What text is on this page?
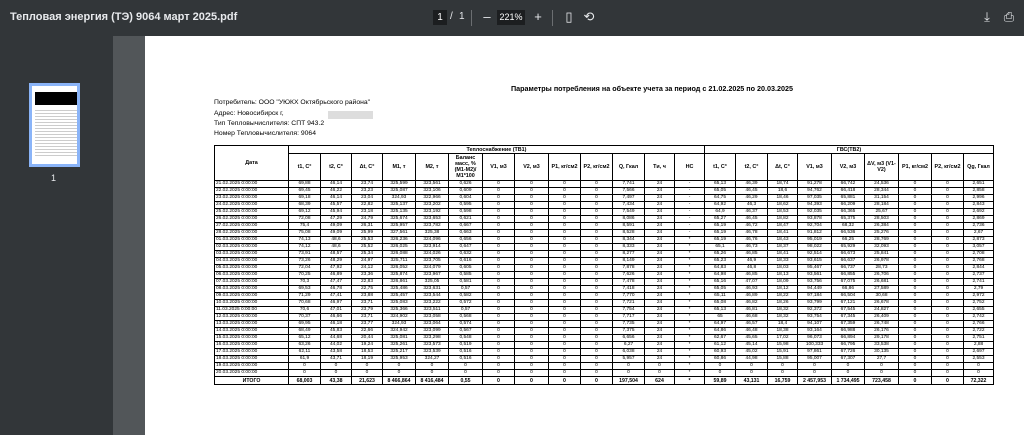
Тепловая энергия (ТЭ) 9064 март 2025.pdf	1 / 1	– 221% +	▯ ⟲	⤓	⎙
1
Параметры потребления на объекте учета за период с 21.02.2025 по 20.03.2025
Потребитель: ООО "УЮКХ Октябрьского района"
Адрес: Новосибирск г,
Тип Тепловычислителя: СПТ 943.2
Номер Тепловычислителя: 9064
Дата	Теплоснабжение (ТВ1)													ГВС(ТВ2)								
	t1, C°	t2, C°	Δt, C°	M1, т	M2, т	Баланс масс, % (M1-M2)/ M1*100	V1, м3	V2, м3	P1, кг/см2	P2, кг/см2	Q, Гкал	Tи, ч	НС	t1, C°	t2, C°	Δt, C°	V1, м3	V2, м3	ΔV, м3 (V1-V2)	P1, кг/см2	P2, кг/см2	Qg, Гкал
21.02.2025 0:00:00	69,88	46,14	23,74	325,599	323,561	0,626	0	0	0	0	7,741	24	-	65,13	46,39	18,74	91,278	66,742	24,536	0	0	2,651
22.02.2025 0:00:00	69,45	46,22	23,23	325,087	323,106	0,609	0	0	0	0	7,566	24	-	65,05	46,45	18,6	94,762	66,418	28,344	0	0	2,858
23.02.2025 0:00:00	69,18	46,14	23,04	324,93	322,966	0,604	0	0	0	0	7,497	24	-	64,75	46,29	18,46	97,035	65,881	31,154	0	0	2,996
24.02.2025 0:00:00	68,39	45,57	22,82	325,137	323,202	0,595	0	0	0	0	7,434	24	-	64,92	46,3	18,62	94,393	66,209	28,184	0	0	2,843
25.02.2025 0:00:00	69,12	45,94	23,18	325,135	323,192	0,598	0	0	0	0	7,549	24	-	64,9	46,37	18,53	92,035	66,365	25,67	0	0	2,692
26.02.2025 0:00:00	72,08	47,29	24,79	325,674	323,653	0,621	0	0	0	0	8,086	24	-	65,27	46,45	18,82	93,878	65,375	28,503	0	0	2,869
27.02.2025 0:00:00	75,4	49,09	26,31	325,957	323,782	0,667	0	0	0	0	8,591	24	-	65,19	46,72	18,47	92,704	68,32	26,384	0	0	2,736
28.02.2025 0:00:00	75,08	49,09	25,99	327,561	325,38	0,663	0	0	0	0	8,528	24	-	65,19	46,78	18,41	91,812	66,536	25,276	0	0	2,67
01.03.2025 0:00:00	74,13	48,6	25,53	326,236	324,096	0,656	0	0	0	0	8,344	24	*	65,19	46,76	18,43	95,019	66,25	28,769	0	0	2,873
02.03.2025 0:00:00	74,12	48,6	25,52	326,025	323,914	0,647	0	0	0	0	8,333	24	*	65,1	46,73	18,37	98,022	65,929	32,093	0	0	3,057
03.03.2025 0:00:00	73,91	48,57	25,34	326,088	324,026	0,632	0	0	0	0	8,277	24	*	65,26	46,85	18,41	92,514	66,673	25,841	0	0	2,708
04.03.2025 0:00:00	73,26	48,29	24,97	325,711	323,705	0,616	0	0	0	0	8,149	24	*	65,23	46,9	18,33	93,615	66,637	26,978	0	0	2,768
05.03.2025 0:00:00	72,04	47,92	24,12	326,052	324,079	0,605	0	0	0	0	7,878	24	*	64,83	46,8	18,03	95,467	66,737	28,73	0	0	2,844
06.03.2025 0:00:00	70,25	46,89	23,36	325,874	323,967	0,585	0	0	0	0	7,626	24	*	64,98	46,85	18,13	93,561	66,855	26,706	0	0	2,737
07.03.2025 0:00:00	70,3	47,47	22,83	326,861	325,05	0,581	0	0	0	0	7,478	24	*	65,16	47,07	18,09	93,756	67,075	26,681	0	0	2,741
08.03.2025 0:00:00	69,53	46,78	22,75	325,486	323,631	0,57	0	0	0	0	7,418	24	*	65,05	46,93	18,12	94,449	66,86	27,589	0	0	2,79
09.03.2025 0:00:00	71,29	47,41	23,88	325,457	323,544	0,582	0	0	0	0	7,770	24	*	65,11	46,89	18,22	97,184	66,504	30,68	0	0	2,972
10.03.2025 0:00:00	70,68	46,97	23,71	325,083	323,222	0,572	0	0	0	0	7,721	24	*	65,08	46,82	18,26	93,799	67,121	26,678	0	0	2,752
11.03.2025 0:00:00	70,6	47,01	23,79	325,366	323,511	0,57	0	0	0	0	7,754	24	*	65,13	46,81	18,32	92,372	67,545	24,827	0	0	2,655
12.03.2025 0:00:00	70,37	46,66	23,71	324,902	323,058	0,568	0	0	0	0	7,717	24	*	65	46,68	18,32	93,754	67,345	26,409	0	0	2,742
13.03.2025 0:00:00	69,95	46,18	23,77	324,93	323,064	0,574	0	0	0	0	7,735	24	*	64,97	46,57	18,4	94,107	67,359	26,748	0	0	2,766
14.03.2025 0:00:00	68,49	45,83	22,66	324,942	323,099	0,567	0	0	0	0	7,375	24	*	64,86	46,48	18,38	93,164	66,988	26,176	0	0	2,722
15.03.2025 0:00:00	65,12	44,68	20,44	325,081	323,298	0,548	0	0	0	0	6,656	24	*	62,67	45,65	17,02	96,073	66,894	29,178	0	0	2,751
16.03.2025 0:00:00	63,26	44,02	19,24	325,261	323,573	0,519	0	0	0	0	6,27	24	*	61,12	45,14	15,98	100,333	66,795	33,538	0	0	2,88
17.03.2025 0:00:00	62,11	43,58	18,53	325,217	323,539	0,516	0	0	0	0	6,038	24	*	60,93	45,02	15,91	97,861	67,726	30,135	0	0	2,697
18.03.2025 0:00:00	61,9	43,71	18,19	325,953	324,27	0,516	0	0	0	0	5,957	24	*	60,86	44,98	15,88	95,007	67,307	27,7	0	0	2,553
19.03.2025 0:00:00	0	0	0	0	0	0	0	0	0	0	0	0	*	0	0	0	0	0	0	0	0	0
20.03.2025 0:00:00	0	0	0	0	0	0	0	0	0	0	0	0	*	0	0	0	0	0	0	0	0	0
ИТОГО	68,003	43,38	21,623	8 466,864	8 416,484	0,55	0	0	0	0	197,504	624	*	59,89	43,131	16,759	2 457,953	1 734,495	723,458	0	0	72,322
